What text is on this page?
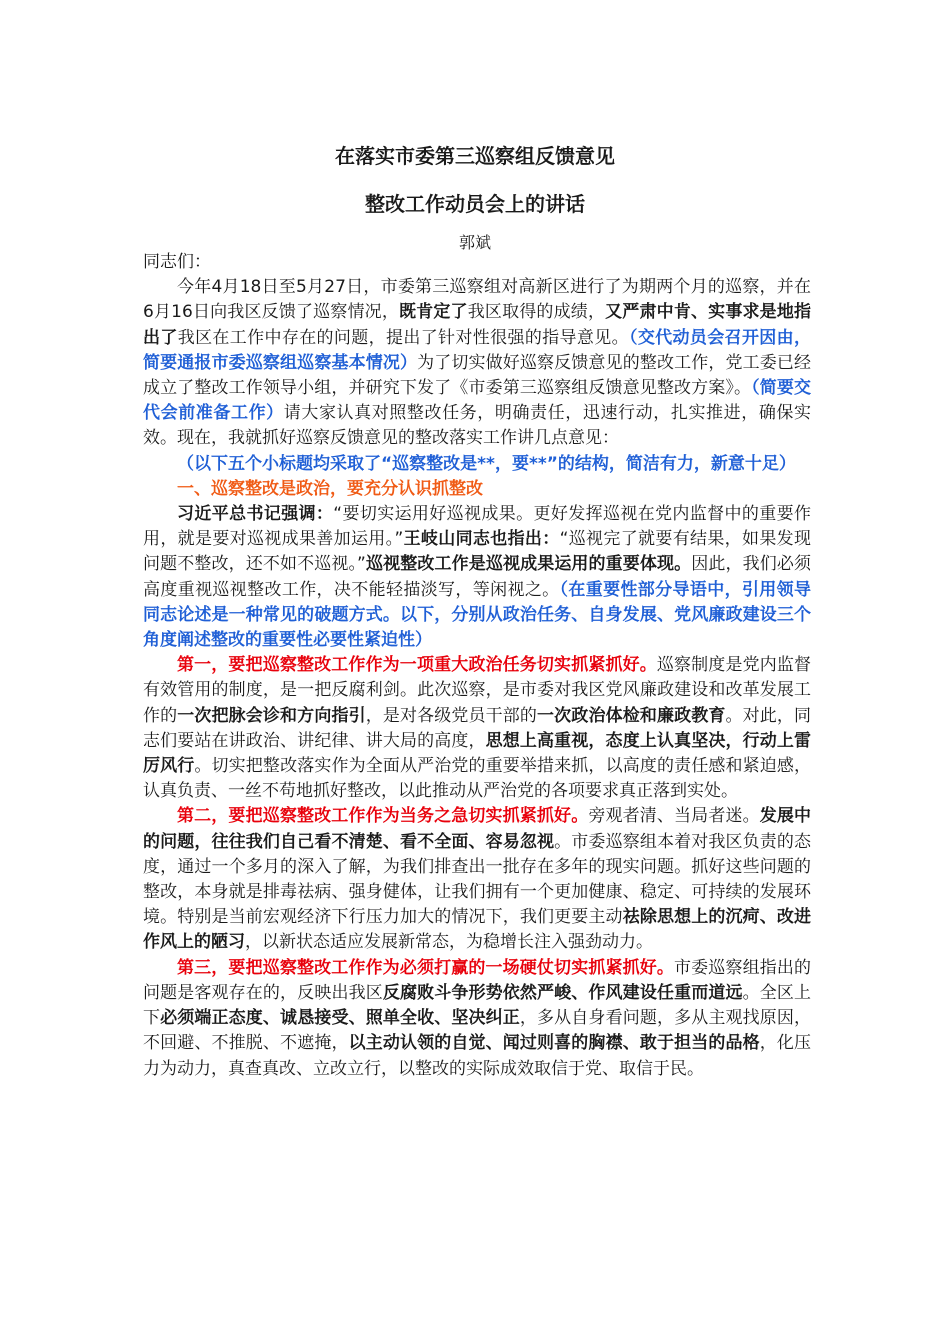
在落实市委第三巡察组反馈意见
整改工作动员会上的讲话
郭斌

同志们：

今年4月18日至5月27日，市委第三巡察组对高新区进行了为期两个月的巡察，并在6月16日向我区反馈了巡察情况，既肯定了我区取得的成绩，又严肃中肯、实事求是地指出了我区在工作中存在的问题，提出了针对性很强的指导意见。（交代动员会召开因由，简要通报市委巡察组巡察基本情况）为了切实做好巡察反馈意见的整改工作，党工委已经成立了整改工作领导小组，并研究下发了《市委第三巡察组反馈意见整改方案》。（简要交代会前准备工作）请大家认真对照整改任务，明确责任，迅速行动，扎实推进，确保实效。现在，我就抓好巡察反馈意见的整改落实工作讲几点意见：

（以下五个小标题均采取了“巡察整改是**，要**”的结构，简洁有力，新意十足）

一、巡察整改是政治，要充分认识抓整改

习近平总书记强调：“要切实运用好巡视成果。更好发挥巡视在党内监督中的重要作用，就是要对巡视成果善加运用。”王岐山同志也指出：“巡视完了就要有结果，如果发现问题不整改，还不如不巡视。”巡视整改工作是巡视成果运用的重要体现。因此，我们必须高度重视巡视整改工作，决不能轻描淡写，等闲视之。（在重要性部分导语中，引用领导同志论述是一种常见的破题方式。以下，分别从政治任务、自身发展、党风廉政建设三个角度阐述整改的重要性必要性紧迫性）

第一，要把巡察整改工作作为一项重大政治任务切实抓紧抓好。巡察制度是党内监督有效管用的制度，是一把反腐利剑。此次巡察，是市委对我区党风廉政建设和改革发展工作的一次把脉会诊和方向指引，是对各级党员干部的一次政治体检和廉政教育。对此，同志们要站在讲政治、讲纪律、讲大局的高度，思想上高重视，态度上认真坚决，行动上雷厉风行。切实把整改落实作为全面从严治党的重要举措来抓，以高度的责任感和紧迫感，认真负责、一丝不苟地抓好整改，以此推动从严治党的各项要求真正落到实处。

第二，要把巡察整改工作作为当务之急切实抓紧抓好。旁观者清、当局者迷。发展中的问题，往往我们自己看不清楚、看不全面、容易忽视。市委巡察组本着对我区负责的态度，通过一个多月的深入了解，为我们排查出一批存在多年的现实问题。抓好这些问题的整改，本身就是排毒祛病、强身健体，让我们拥有一个更加健康、稳定、可持续的发展环境。特别是当前宏观经济下行压力加大的情况下，我们更要主动祛除思想上的沉疴、改进作风上的陋习，以新状态适应发展新常态，为稳增长注入强劲动力。

第三，要把巡察整改工作作为必须打赢的一场硬仗切实抓紧抓好。市委巡察组指出的问题是客观存在的，反映出我区反腐败斗争形势依然严峻、作风建设任重而道远。全区上下必须端正态度、诚恳接受、照单全收、坚决纠正，多从自身看问题，多从主观找原因，不回避、不推脱、不遮掩，以主动认领的自觉、闻过则喜的胸襟、敢于担当的品格，化压力为动力，真查真改、立改立行，以整改的实际成效取信于党、取信于民。
